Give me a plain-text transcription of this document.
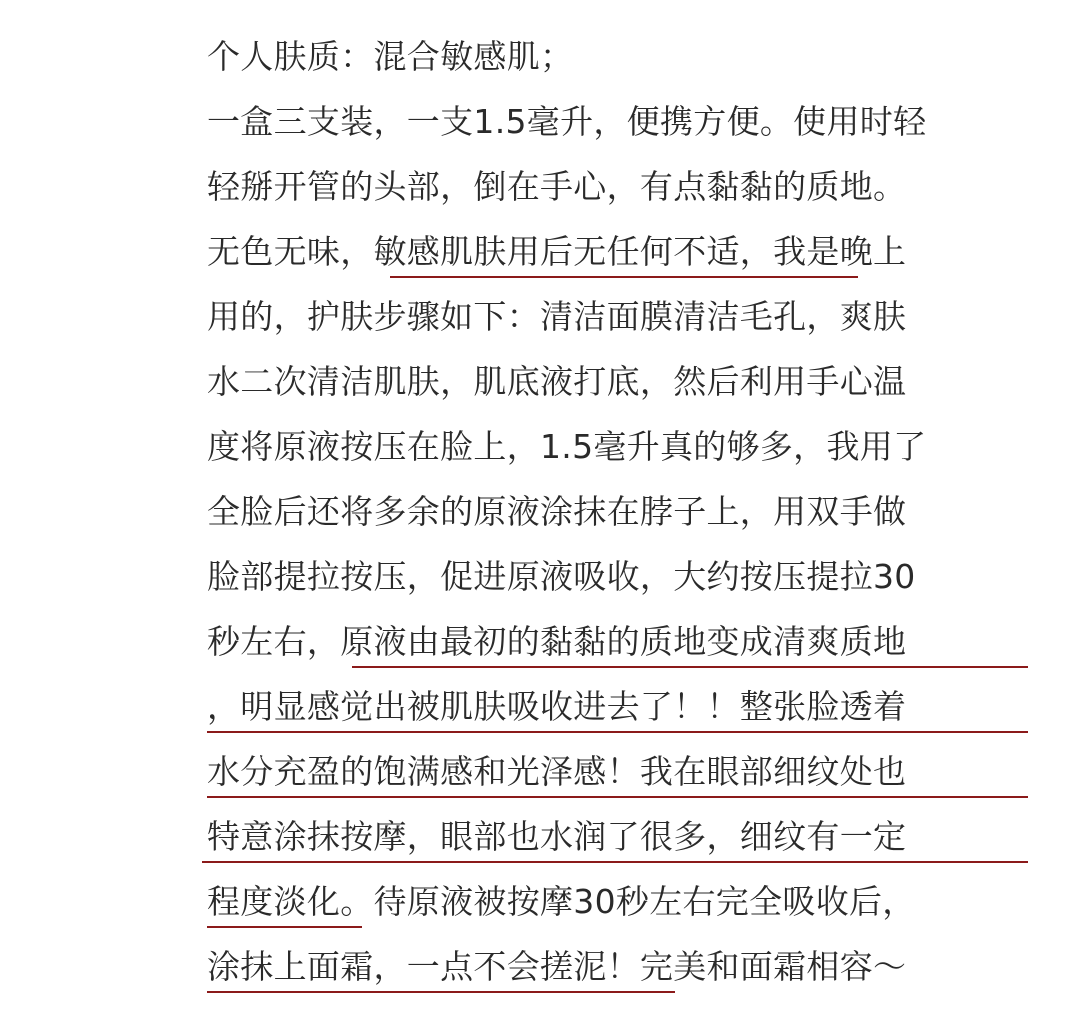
个人肤质：混合敏感肌；
一盒三支装，一支1.5毫升，便携方便。使用时轻
轻掰开管的头部，倒在手心，有点黏黏的质地。
无色无味，敏感肌肤用后无任何不适，我是晚上
用的，护肤步骤如下：清洁面膜清洁毛孔，爽肤
水二次清洁肌肤，肌底液打底，然后利用手心温
度将原液按压在脸上，1.5毫升真的够多，我用了
全脸后还将多余的原液涂抹在脖子上，用双手做
脸部提拉按压，促进原液吸收，大约按压提拉30
秒左右，原液由最初的黏黏的质地变成清爽质地
，明显感觉出被肌肤吸收进去了！！整张脸透着
水分充盈的饱满感和光泽感！我在眼部细纹处也
特意涂抹按摩，眼部也水润了很多，细纹有一定
程度淡化。待原液被按摩30秒左右完全吸收后，
涂抹上面霜，一点不会搓泥！完美和面霜相容～
